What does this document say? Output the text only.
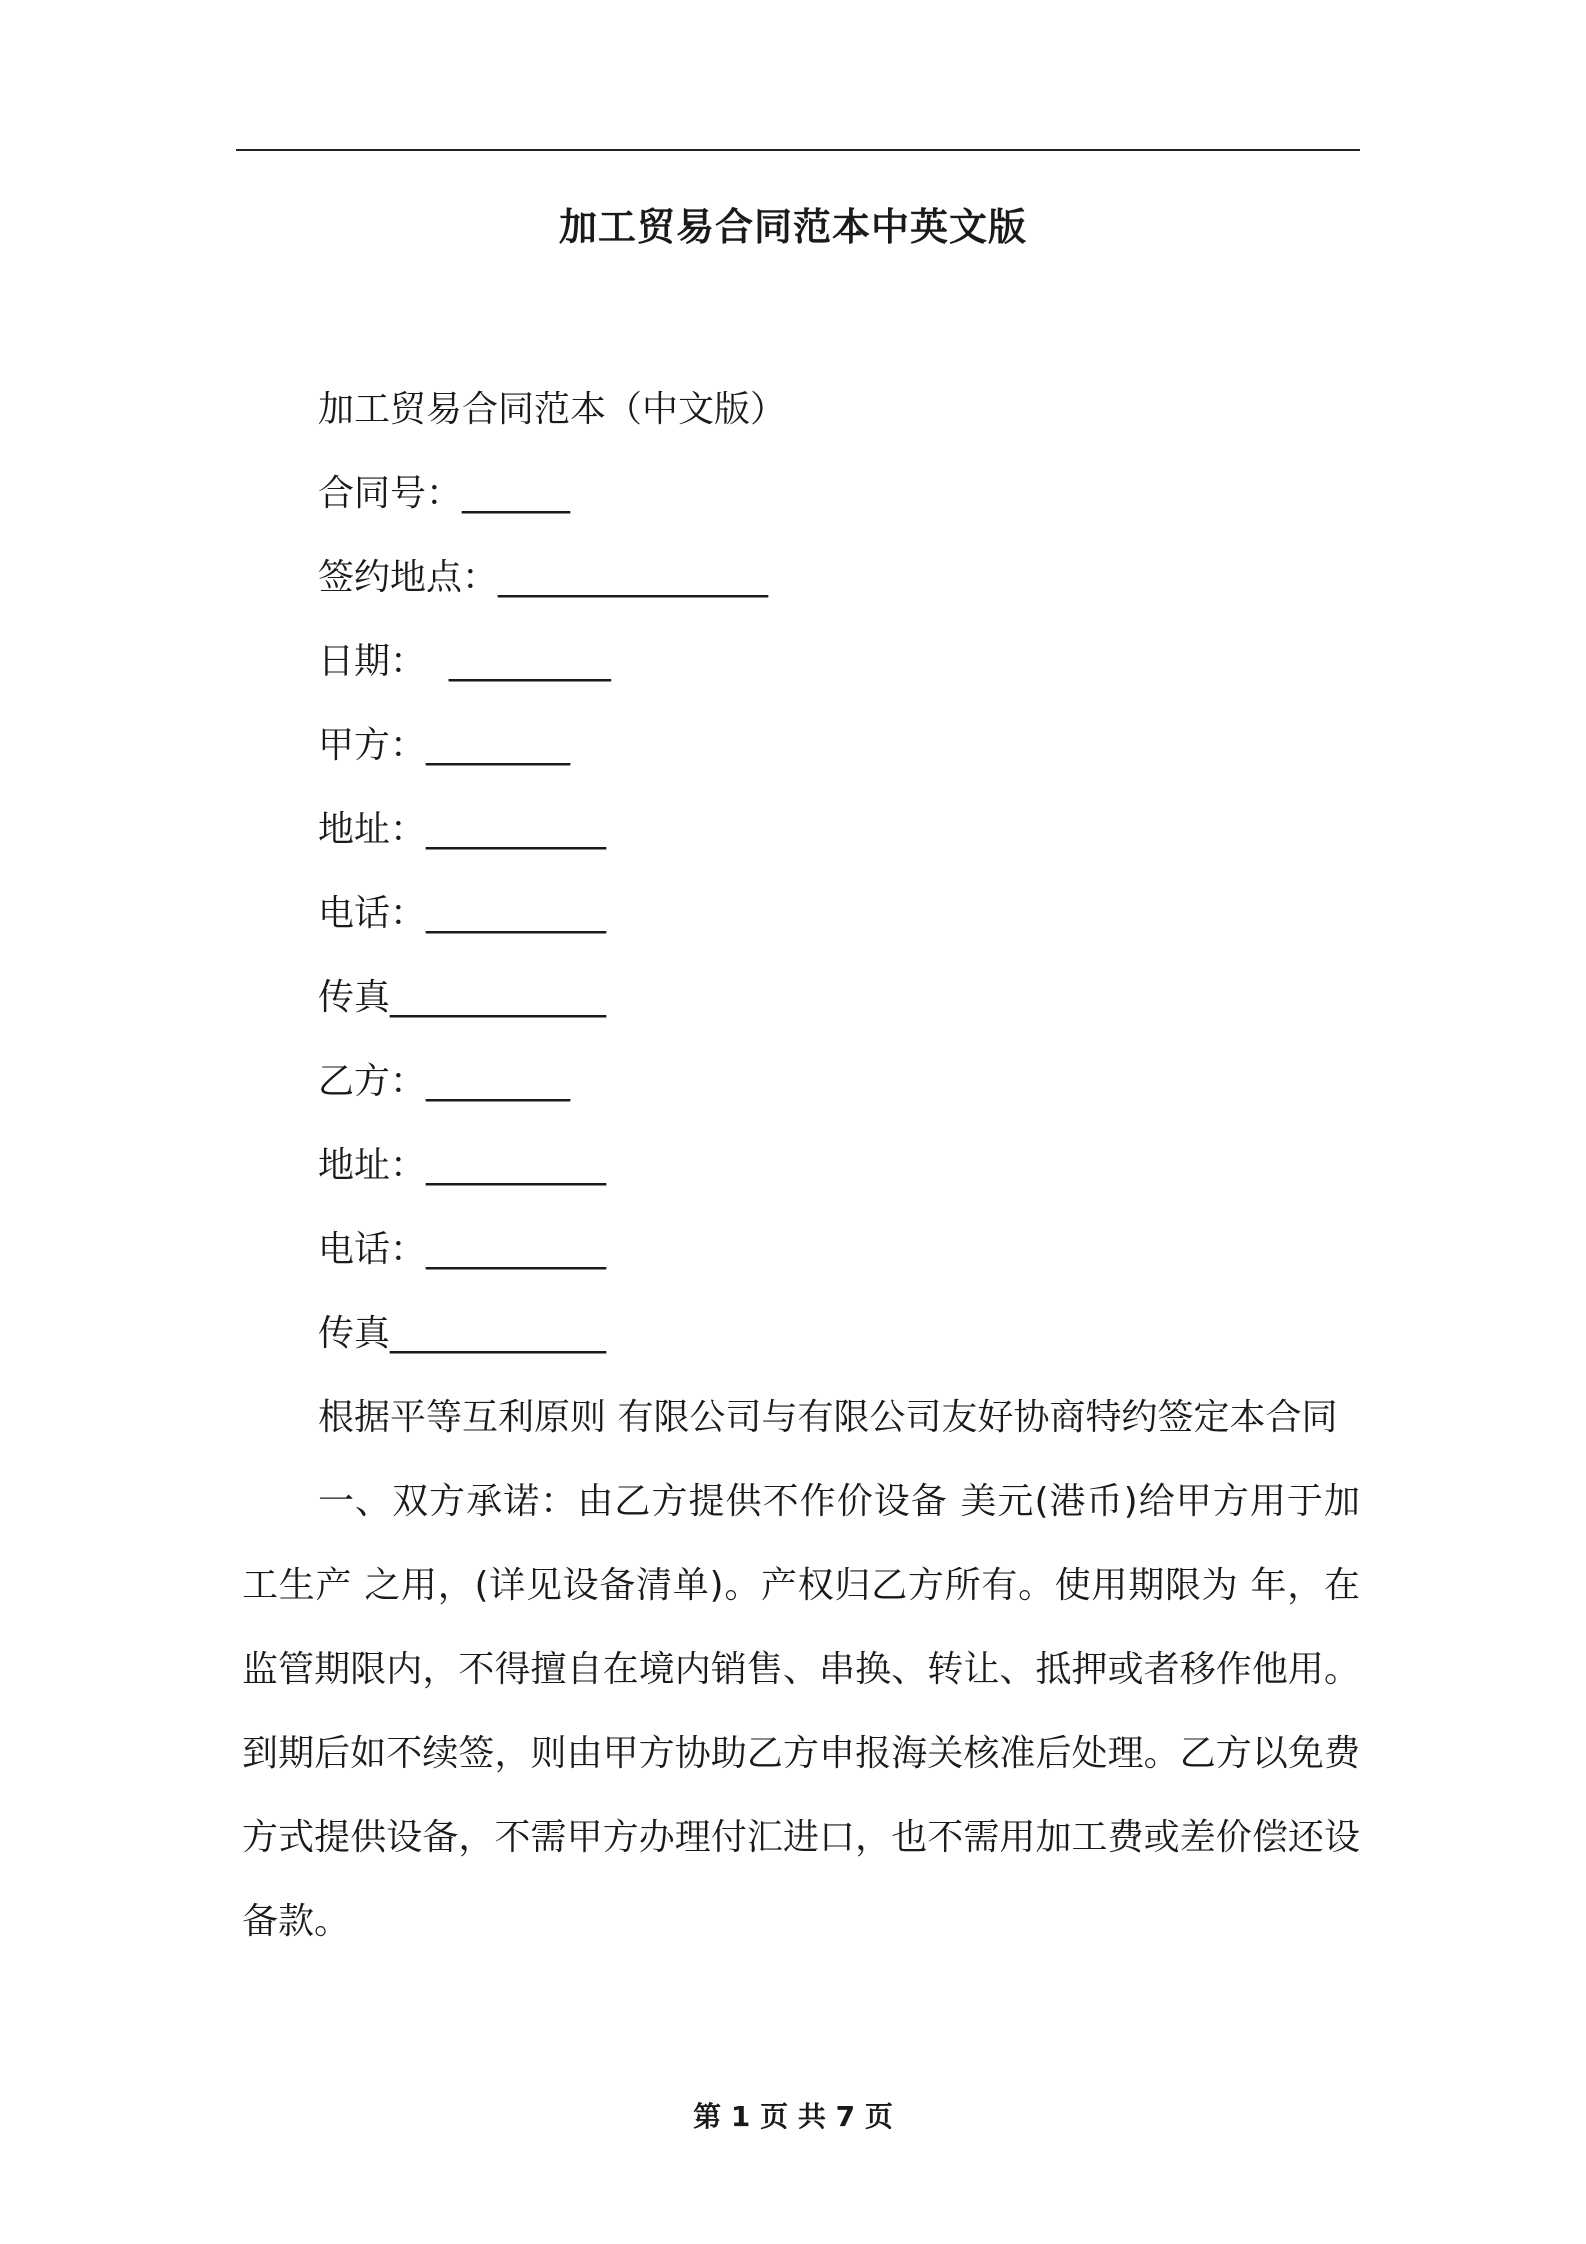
加工贸易合同范本中英文版
加工贸易合同范本（中文版）
合同号：______
签约地点：_______________
日期：  _________
甲方：________
地址：__________
电话：__________
传真____________
乙方：________
地址：__________
电话：__________
传真____________
根据平等互利原则 有限公司与有限公司友好协商特约签定本合同
一、双方承诺：由乙方提供不作价设备 美元(港币)给甲方用于加工生产 之用，(详见设备清单)。产权归乙方所有。使用期限为 年，在监管期限内，不得擅自在境内销售、串换、转让、抵押或者移作他用。到期后如不续签，则由甲方协助乙方申报海关核准后处理。乙方以免费方式提供设备，不需甲方办理付汇进口，也不需用加工费或差价偿还设备款。
第 1 页 共 7 页
